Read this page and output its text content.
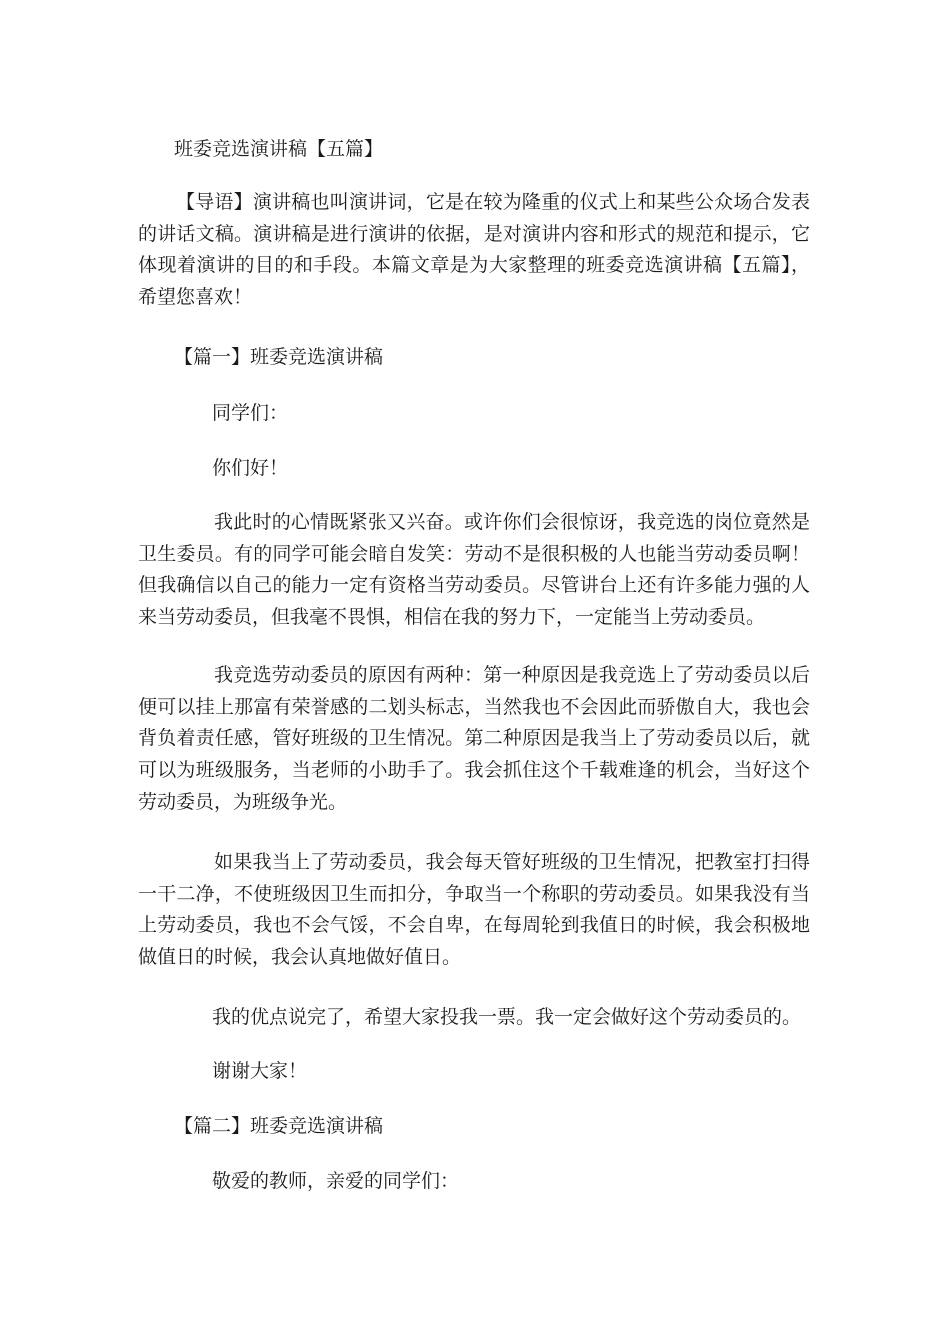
班委竞选演讲稿【五篇】

【导语】演讲稿也叫演讲词，它是在较为隆重的仪式上和某些公众场合发表的讲话文稿。演讲稿是进行演讲的依据，是对演讲内容和形式的规范和提示，它体现着演讲的目的和手段。本篇文章是为大家整理的班委竞选演讲稿【五篇】，希望您喜欢！

【篇一】班委竞选演讲稿

同学们：

你们好！

我此时的心情既紧张又兴奋。或许你们会很惊讶，我竞选的岗位竟然是卫生委员。有的同学可能会暗自发笑：劳动不是很积极的人也能当劳动委员啊！但我确信以自己的能力一定有资格当劳动委员。尽管讲台上还有许多能力强的人来当劳动委员，但我毫不畏惧，相信在我的努力下，一定能当上劳动委员。

我竞选劳动委员的原因有两种：第一种原因是我竞选上了劳动委员以后便可以挂上那富有荣誉感的二划头标志，当然我也不会因此而骄傲自大，我也会背负着责任感，管好班级的卫生情况。第二种原因是我当上了劳动委员以后，就可以为班级服务，当老师的小助手了。我会抓住这个千载难逢的机会，当好这个劳动委员，为班级争光。

如果我当上了劳动委员，我会每天管好班级的卫生情况，把教室打扫得一干二净，不使班级因卫生而扣分，争取当一个称职的劳动委员。如果我没有当上劳动委员，我也不会气馁，不会自卑，在每周轮到我值日的时候，我会积极地做值日的时候，我会认真地做好值日。

我的优点说完了，希望大家投我一票。我一定会做好这个劳动委员的。

谢谢大家！

【篇二】班委竞选演讲稿

敬爱的教师，亲爱的同学们：
